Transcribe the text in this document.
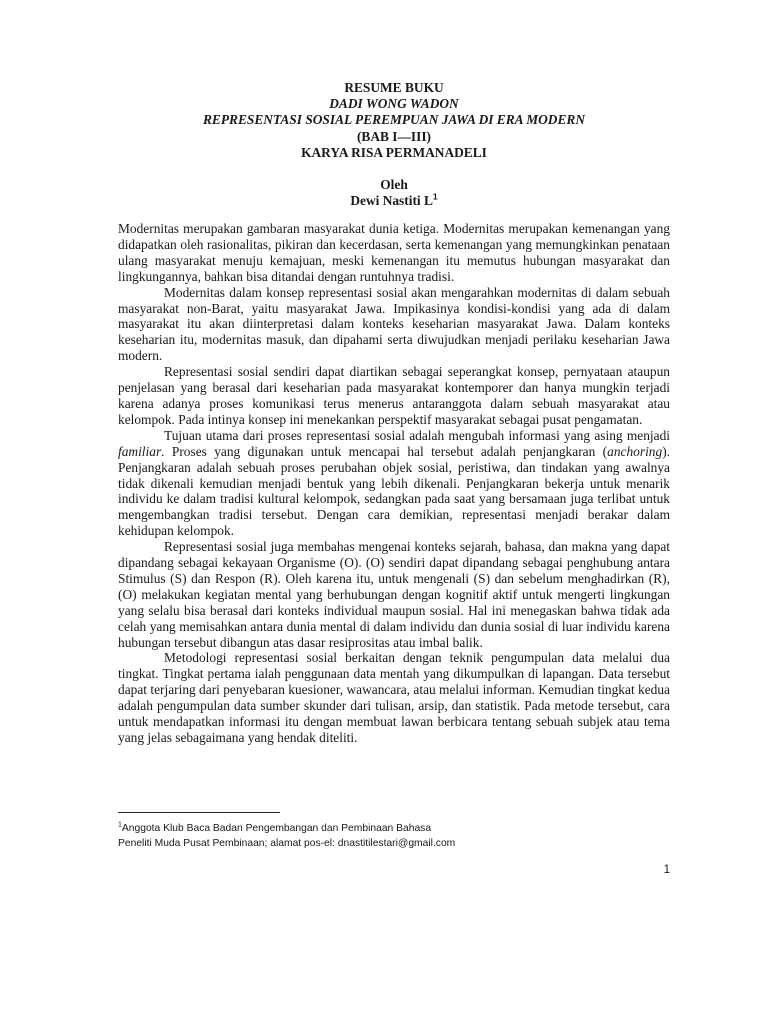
RESUME BUKU
DADI WONG WADON
REPRESENTASI SOSIAL PEREMPUAN JAWA DI ERA MODERN
(BAB I—III)
KARYA RISA PERMANADELI
Oleh
Dewi Nastiti L$^1$

Modernitas merupakan gambaran masyarakat dunia ketiga. Modernitas merupakan kemenangan yang didapatkan oleh rasionalitas, pikiran dan kecerdasan, serta kemenangan yang memungkinkan penataan ulang masyarakat menuju kemajuan, meski kemenangan itu memutus hubungan masyarakat dan lingkungannya, bahkan bisa ditandai dengan runtuhnya tradisi.

Modernitas dalam konsep representasi sosial akan mengarahkan modernitas di dalam sebuah masyarakat non-Barat, yaitu masyarakat Jawa. Impikasinya kondisi-kondisi yang ada di dalam masyarakat itu akan diinterpretasi dalam konteks keseharian masyarakat Jawa. Dalam konteks keseharian itu, modernitas masuk, dan dipahami serta diwujudkan menjadi perilaku keseharian Jawa modern.

Representasi sosial sendiri dapat diartikan sebagai seperangkat konsep, pernyataan ataupun penjelasan yang berasal dari keseharian pada masyarakat kontemporer dan hanya mungkin terjadi karena adanya proses komunikasi terus menerus antaranggota dalam sebuah masyarakat atau kelompok. Pada intinya konsep ini menekankan perspektif masyarakat sebagai pusat pengamatan.

Tujuan utama dari proses representasi sosial adalah mengubah informasi yang asing menjadi familiar. Proses yang digunakan untuk mencapai hal tersebut adalah penjangkaran (anchoring). Penjangkaran adalah sebuah proses perubahan objek sosial, peristiwa, dan tindakan yang awalnya tidak dikenali kemudian menjadi bentuk yang lebih dikenali. Penjangkaran bekerja untuk menarik individu ke dalam tradisi kultural kelompok, sedangkan pada saat yang bersamaan juga terlibat untuk mengembangkan tradisi tersebut. Dengan cara demikian, representasi menjadi berakar dalam kehidupan kelompok.

Representasi sosial juga membahas mengenai konteks sejarah, bahasa, dan makna yang dapat dipandang sebagai kekayaan Organisme (O). (O) sendiri dapat dipandang sebagai penghubung antara Stimulus (S) dan Respon (R). Oleh karena itu, untuk mengenali (S) dan sebelum menghadirkan (R), (O) melakukan kegiatan mental yang berhubungan dengan kognitif aktif untuk mengerti lingkungan yang selalu bisa berasal dari konteks individual maupun sosial. Hal ini menegaskan bahwa tidak ada celah yang memisahkan antara dunia mental di dalam individu dan dunia sosial di luar individu karena hubungan tersebut dibangun atas dasar resiprositas atau imbal balik.

Metodologi representasi sosial berkaitan dengan teknik pengumpulan data melalui dua tingkat. Tingkat pertama ialah penggunaan data mentah yang dikumpulkan di lapangan. Data tersebut dapat terjaring dari penyebaran kuesioner, wawancara, atau melalui informan. Kemudian tingkat kedua adalah pengumpulan data sumber skunder dari tulisan, arsip, dan statistik. Pada metode tersebut, cara untuk mendapatkan informasi itu dengan membuat lawan berbicara tentang sebuah subjek atau tema yang jelas sebagaimana yang hendak diteliti.

$^1$Anggota Klub Baca Badan Pengembangan dan Pembinaan Bahasa
Peneliti Muda Pusat Pembinaan; alamat pos-el: dnastitilestari@gmail.com
1
